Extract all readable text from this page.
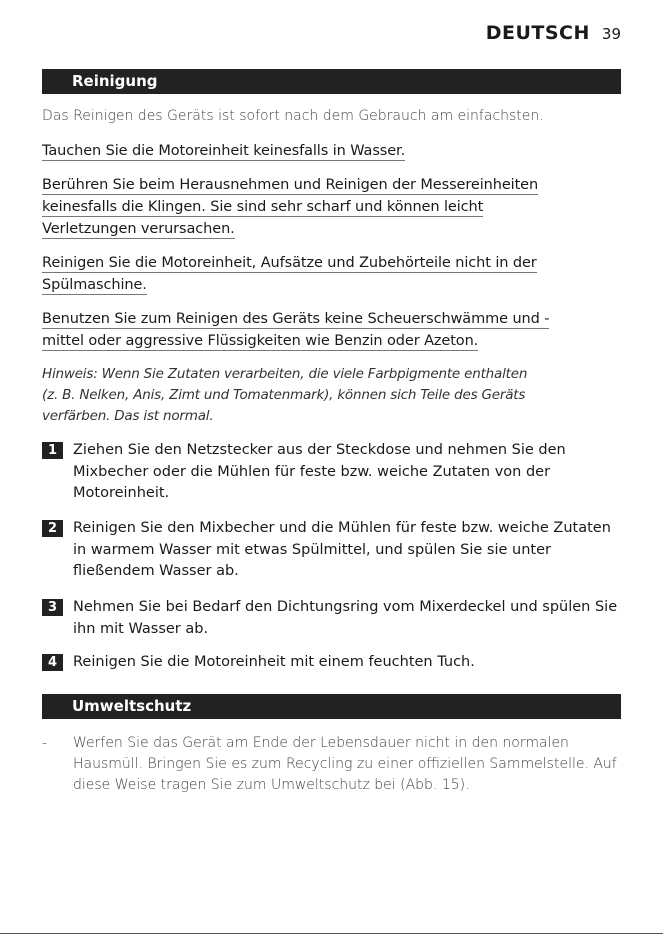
DEUTSCH 39
Reinigung
Das Reinigen des Geräts ist sofort nach dem Gebrauch am einfachsten.
Tauchen Sie die Motoreinheit keinesfalls in Wasser.
Berühren Sie beim Herausnehmen und Reinigen der Messereinheiten
keinesfalls die Klingen. Sie sind sehr scharf und können leicht
Verletzungen verursachen.
Reinigen Sie die Motoreinheit, Aufsätze und Zubehörteile nicht in der
Spülmaschine.
Benutzen Sie zum Reinigen des Geräts keine Scheuerschwämme und -
mittel oder aggressive Flüssigkeiten wie Benzin oder Azeton.
Hinweis: Wenn Sie Zutaten verarbeiten, die viele Farbpigmente enthalten
(z. B. Nelken, Anis, Zimt und Tomatenmark), können sich Teile des Geräts
verfärben. Das ist normal.
1	Ziehen Sie den Netzstecker aus der Steckdose und nehmen Sie den Mixbecher oder die Mühlen für feste bzw. weiche Zutaten von der Motoreinheit.
2	Reinigen Sie den Mixbecher und die Mühlen für feste bzw. weiche Zutaten in warmem Wasser mit etwas Spülmittel, und spülen Sie sie unter fließendem Wasser ab.
3	Nehmen Sie bei Bedarf den Dichtungsring vom Mixerdeckel und spülen Sie ihn mit Wasser ab.
4	Reinigen Sie die Motoreinheit mit einem feuchten Tuch.
Umweltschutz
- Werfen Sie das Gerät am Ende der Lebensdauer nicht in den normalen Hausmüll. Bringen Sie es zum Recycling zu einer offiziellen Sammelstelle. Auf diese Weise tragen Sie zum Umweltschutz bei (Abb. 15).
